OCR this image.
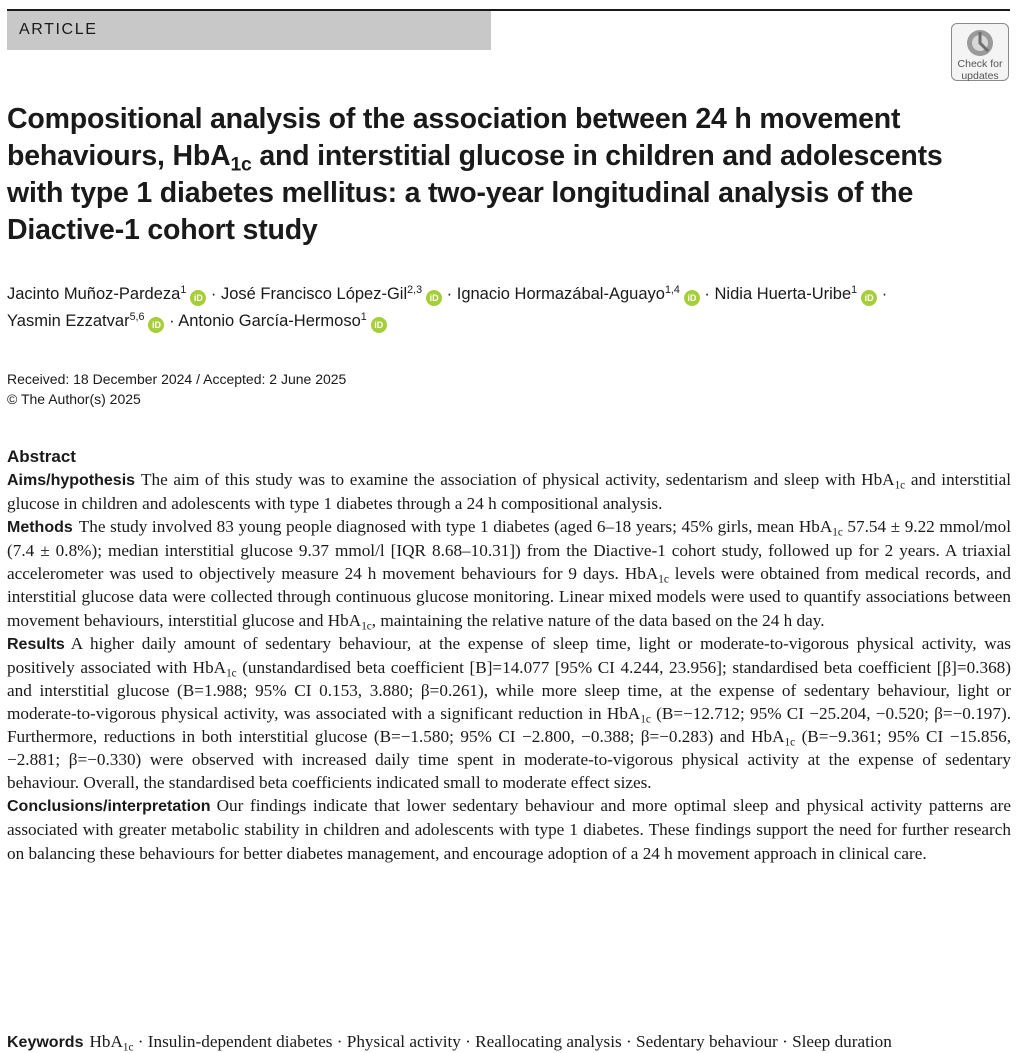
ARTICLE
Check for
updates
Compositional analysis of the association between 24 h movement behaviours, HbA$_{1c}$ and interstitial glucose in children and adolescents with type 1 diabetes mellitus: a two-year longitudinal analysis of the Diactive-1 cohort study
Jacinto Muñoz-Pardeza$^1$iD · José Francisco López-Gil$^{2,3}$iD · Ignacio Hormazábal-Aguayo$^{1,4}$iD · Nidia Huerta-Uribe$^1$iD ·
Yasmin Ezzatvar$^{5,6}$iD · Antonio García-Hermoso$^1$iD
Received: 18 December 2024 / Accepted: 2 June 2025
© The Author(s) 2025
Abstract

Aims/hypothesis The aim of this study was to examine the association of physical activity, sedentarism and sleep with HbA$_{1c}$ and interstitial glucose in children and adolescents with type 1 diabetes through a 24 h compositional analysis.

Methods The study involved 83 young people diagnosed with type 1 diabetes (aged 6–18 years; 45% girls, mean HbA$_{1c}$ 57.54 ± 9.22 mmol/mol (7.4 ± 0.8%); median interstitial glucose 9.37 mmol/l [IQR 8.68–10.31]) from the Diactive-1 cohort study, followed up for 2 years. A triaxial accelerometer was used to objectively measure 24 h movement behaviours for 9 days. HbA$_{1c}$ levels were obtained from medical records, and interstitial glucose data were collected through continuous glucose monitoring. Linear mixed models were used to quantify associations between movement behaviours, interstitial glucose and HbA$_{1c}$, maintaining the relative nature of the data based on the 24 h day.

Results A higher daily amount of sedentary behaviour, at the expense of sleep time, light or moderate-to-vigorous physical activity, was positively associated with HbA$_{1c}$ (unstandardised beta coefficient [B]=14.077 [95% CI 4.244, 23.956]; standardised beta coefficient [β]=0.368) and interstitial glucose (B=1.988; 95% CI 0.153, 3.880; β=0.261), while more sleep time, at the expense of sedentary behaviour, light or moderate-to-vigorous physical activity, was associated with a significant reduction in HbA$_{1c}$ (B=−12.712; 95% CI −25.204, −0.520; β=−0.197). Furthermore, reductions in both interstitial glucose (B=−1.580; 95% CI −2.800, −0.388; β=−0.283) and HbA$_{1c}$ (B=−9.361; 95% CI −15.856, −2.881; β=−0.330) were observed with increased daily time spent in moderate-to-vigorous physical activity at the expense of sedentary behaviour. Overall, the standardised beta coefficients indicated small to moderate effect sizes.

Conclusions/interpretation Our findings indicate that lower sedentary behaviour and more optimal sleep and physical activity patterns are associated with greater metabolic stability in children and adolescents with type 1 diabetes. These findings support the need for further research on balancing these behaviours for better diabetes management, and encourage adoption of a 24 h movement approach in clinical care.

Keywords HbA$_{1c}$ · Insulin-dependent diabetes · Physical activity · Reallocating analysis · Sedentary behaviour · Sleep duration
